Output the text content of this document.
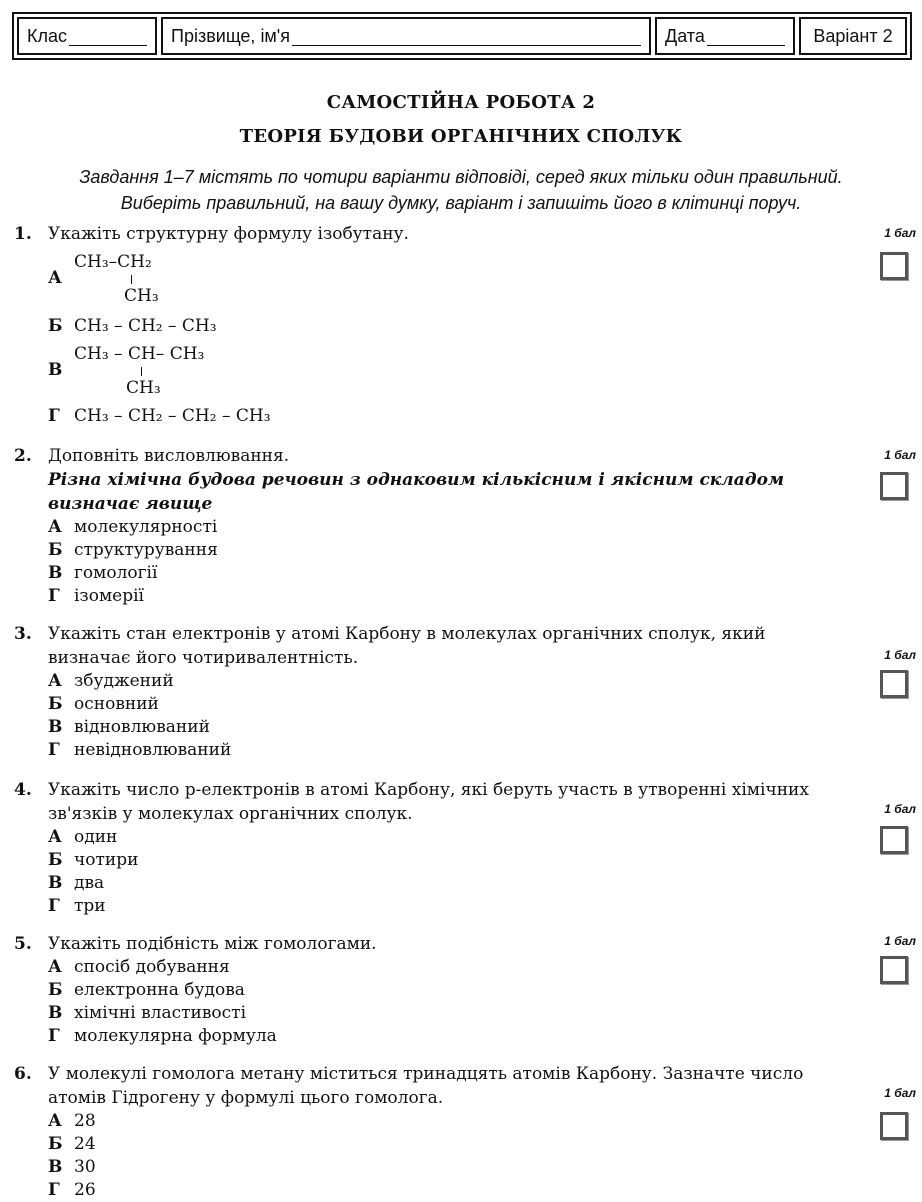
Клас	Прізвище, ім'я	Дата	Варіант 2
САМОСТІЙНА РОБОТА 2
ТЕОРІЯ БУДОВИ ОРГАНІЧНИХ СПОЛУК
Завдання 1–7 містять по чотири варіанти відповіді, серед яких тільки один правильний.
Виберіть правильний, на вашу думку, варіант і запишіть його в клітинці поруч.
1. Укажіть структурну формулу ізобутану.	1 бал
А
CH₃–CH₂
CH₃
Б CH₃ – CH₂ – CH₃
В
CH₃ – CH– CH₃
CH₃
Г CH₃ – CH₂ – CH₂ – CH₃
2. Доповніть висловлювання.
Різна хімічна будова речовин з однаковим кількісним і якісним складом визначає явище
А молекулярності
Б структурування
В гомології
Г ізомерії
1 бал
3. Укажіть стан електронів у атомі Карбону в молекулах органічних сполук, який визначає його чотиривалентність.
А збуджений
Б основний
В відновлюваний
Г невідновлюваний
1 бал
4. Укажіть число p-електронів в атомі Карбону, які беруть участь в утворенні хімічних зв'язків у молекулах органічних сполук.
А один
Б чотири
В два
Г три
1 бал
5. Укажіть подібність між гомологами.
А спосіб добування
Б електронна будова
В хімічні властивості
Г молекулярна формула
1 бал
6. У молекулі гомолога метану міститься тринадцять атомів Карбону. Зазначте число атомів Гідрогену у формулі цього гомолога.
А 28
Б 24
В 30
Г 26
1 бал
